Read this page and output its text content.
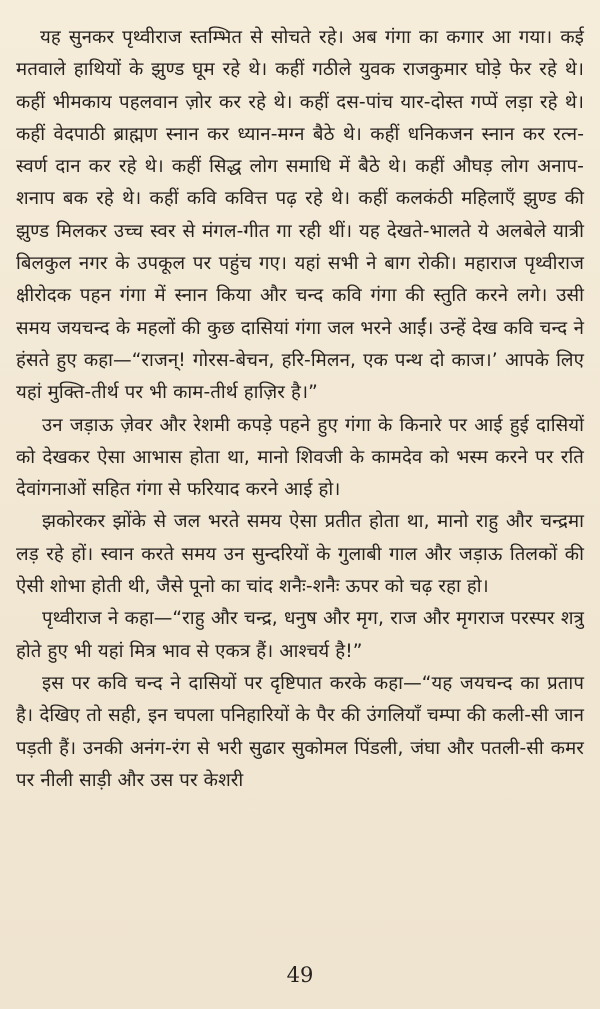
यह सुनकर पृथ्वीराज स्तम्भित से सोचते रहे। अब गंगा का कगार आ गया। कई मतवाले हाथियों के झुण्ड घूम रहे थे। कहीं गठीले युवक राजकुमार घोड़े फेर रहे थे। कहीं भीमकाय पहलवान ज़ोर कर रहे थे। कहीं दस-पांच यार-दोस्त गप्पें लड़ा रहे थे। कहीं वेदपाठी ब्राह्मण स्नान कर ध्यान-मग्न बैठे थे। कहीं धनिकजन स्नान कर रत्न-स्वर्ण दान कर रहे थे। कहीं सिद्ध लोग समाधि में बैठे थे। कहीं औघड़ लोग अनाप-शनाप बक रहे थे। कहीं कवि कवित्त पढ़ रहे थे। कहीं कलकंठी महिलाएँ झुण्ड की झुण्ड मिलकर उच्च स्वर से मंगल-गीत गा रही थीं। यह देखते-भालते ये अलबेले यात्री बिलकुल नगर के उपकूल पर पहुंच गए। यहां सभी ने बाग रोकी। महाराज पृथ्वीराज क्षीरोदक पहन गंगा में स्नान किया और चन्द कवि गंगा की स्तुति करने लगे। उसी समय जयचन्द के महलों की कुछ दासियां गंगा जल भरने आईं। उन्हें देख कवि चन्द ने हंसते हुए कहा—“राजन्! गोरस-बेचन, हरि-मिलन, एक पन्थ दो काज।’ आपके लिए यहां मुक्ति-तीर्थ पर भी काम-तीर्थ हाज़िर है।”

उन जड़ाऊ ज़ेवर और रेशमी कपड़े पहने हुए गंगा के किनारे पर आई हुई दासियों को देखकर ऐसा आभास होता था, मानो शिवजी के कामदेव को भस्म करने पर रति देवांगनाओं सहित गंगा से फरियाद करने आई हो।

झकोरकर झोंके से जल भरते समय ऐसा प्रतीत होता था, मानो राहु और चन्द्रमा लड़ रहे हों। स्वान करते समय उन सुन्दरियों के गुलाबी गाल और जड़ाऊ तिलकों की ऐसी शोभा होती थी, जैसे पूनो का चांद शनैः-शनैः ऊपर को चढ़ रहा हो।

पृथ्वीराज ने कहा—“राहु और चन्द्र, धनुष और मृग, राज और मृगराज परस्पर शत्रु होते हुए भी यहां मित्र भाव से एकत्र हैं। आश्चर्य है!”

इस पर कवि चन्द ने दासियों पर दृष्टिपात करके कहा—“यह जयचन्द का प्रताप है। देखिए तो सही, इन चपला पनिहारियों के पैर की उंगलियाँ चम्पा की कली-सी जान पड़ती हैं। उनकी अनंग-रंग से भरी सुढार सुकोमल पिंडली, जंघा और पतली-सी कमर पर नीली साड़ी और उस पर केशरी

49
